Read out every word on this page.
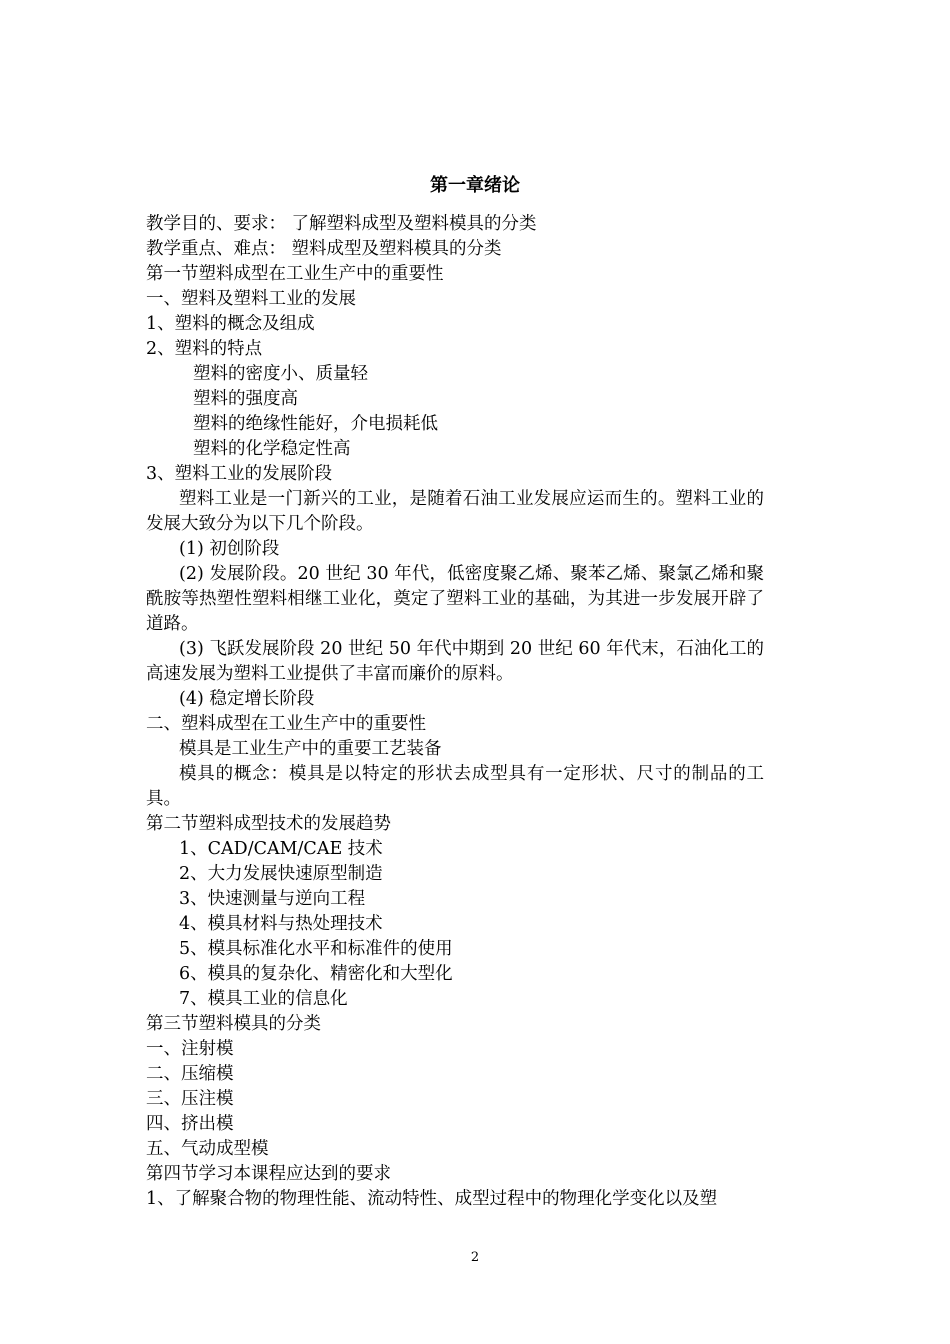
第一章绪论

教学目的、要求： 了解塑料成型及塑料模具的分类

教学重点、难点： 塑料成型及塑料模具的分类

第一节塑料成型在工业生产中的重要性

一、塑料及塑料工业的发展

1、塑料的概念及组成

2、塑料的特点

塑料的密度小、质量轻

塑料的强度高

塑料的绝缘性能好，介电损耗低

塑料的化学稳定性高

3、塑料工业的发展阶段

塑料工业是一门新兴的工业，是随着石油工业发展应运而生的。塑料工业的发展大致分为以下几个阶段。

(1) 初创阶段

(2) 发展阶段。20 世纪 30 年代，低密度聚乙烯、聚苯乙烯、聚氯乙烯和聚酰胺等热塑性塑料相继工业化，奠定了塑料工业的基础，为其进一步发展开辟了道路。

(3) 飞跃发展阶段 20 世纪 50 年代中期到 20 世纪 60 年代末，石油化工的高速发展为塑料工业提供了丰富而廉价的原料。

(4) 稳定增长阶段

二、塑料成型在工业生产中的重要性

模具是工业生产中的重要工艺装备

模具的概念：模具是以特定的形状去成型具有一定形状、尺寸的制品的工具。

第二节塑料成型技术的发展趋势

1、CAD/CAM/CAE 技术

2、大力发展快速原型制造

3、快速测量与逆向工程

4、模具材料与热处理技术

5、模具标准化水平和标准件的使用

6、模具的复杂化、精密化和大型化

7、模具工业的信息化

第三节塑料模具的分类

一、注射模

二、压缩模

三、压注模

四、挤出模

五、气动成型模

第四节学习本课程应达到的要求

1、了解聚合物的物理性能、流动特性、成型过程中的物理化学变化以及塑

2
